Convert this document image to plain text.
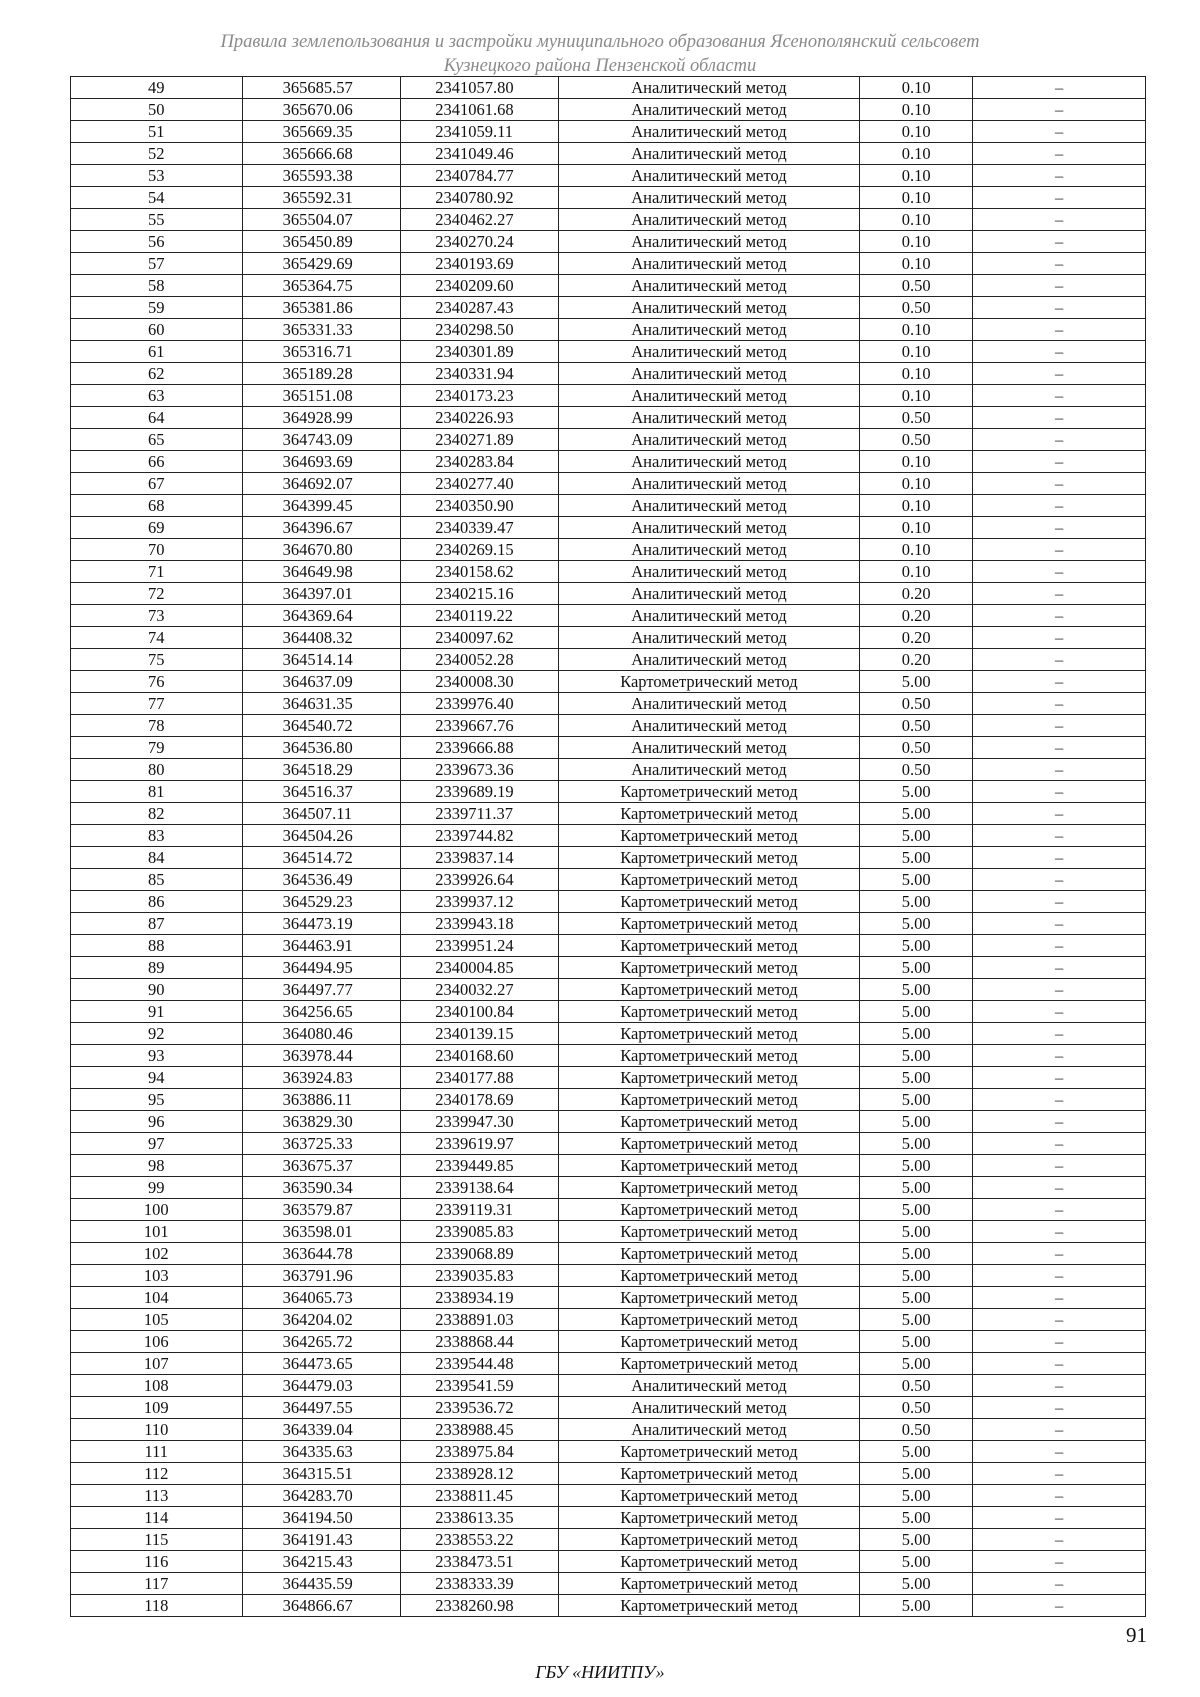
Правила землепользования и застройки муниципального образования Ясенополянский сельсовет
Кузнецкого района Пензенской области
49	365685.57	2341057.80	Аналитический метод	0.10	–
50	365670.06	2341061.68	Аналитический метод	0.10	–
51	365669.35	2341059.11	Аналитический метод	0.10	–
52	365666.68	2341049.46	Аналитический метод	0.10	–
53	365593.38	2340784.77	Аналитический метод	0.10	–
54	365592.31	2340780.92	Аналитический метод	0.10	–
55	365504.07	2340462.27	Аналитический метод	0.10	–
56	365450.89	2340270.24	Аналитический метод	0.10	–
57	365429.69	2340193.69	Аналитический метод	0.10	–
58	365364.75	2340209.60	Аналитический метод	0.50	–
59	365381.86	2340287.43	Аналитический метод	0.50	–
60	365331.33	2340298.50	Аналитический метод	0.10	–
61	365316.71	2340301.89	Аналитический метод	0.10	–
62	365189.28	2340331.94	Аналитический метод	0.10	–
63	365151.08	2340173.23	Аналитический метод	0.10	–
64	364928.99	2340226.93	Аналитический метод	0.50	–
65	364743.09	2340271.89	Аналитический метод	0.50	–
66	364693.69	2340283.84	Аналитический метод	0.10	–
67	364692.07	2340277.40	Аналитический метод	0.10	–
68	364399.45	2340350.90	Аналитический метод	0.10	–
69	364396.67	2340339.47	Аналитический метод	0.10	–
70	364670.80	2340269.15	Аналитический метод	0.10	–
71	364649.98	2340158.62	Аналитический метод	0.10	–
72	364397.01	2340215.16	Аналитический метод	0.20	–
73	364369.64	2340119.22	Аналитический метод	0.20	–
74	364408.32	2340097.62	Аналитический метод	0.20	–
75	364514.14	2340052.28	Аналитический метод	0.20	–
76	364637.09	2340008.30	Картометрический метод	5.00	–
77	364631.35	2339976.40	Аналитический метод	0.50	–
78	364540.72	2339667.76	Аналитический метод	0.50	–
79	364536.80	2339666.88	Аналитический метод	0.50	–
80	364518.29	2339673.36	Аналитический метод	0.50	–
81	364516.37	2339689.19	Картометрический метод	5.00	–
82	364507.11	2339711.37	Картометрический метод	5.00	–
83	364504.26	2339744.82	Картометрический метод	5.00	–
84	364514.72	2339837.14	Картометрический метод	5.00	–
85	364536.49	2339926.64	Картометрический метод	5.00	–
86	364529.23	2339937.12	Картометрический метод	5.00	–
87	364473.19	2339943.18	Картометрический метод	5.00	–
88	364463.91	2339951.24	Картометрический метод	5.00	–
89	364494.95	2340004.85	Картометрический метод	5.00	–
90	364497.77	2340032.27	Картометрический метод	5.00	–
91	364256.65	2340100.84	Картометрический метод	5.00	–
92	364080.46	2340139.15	Картометрический метод	5.00	–
93	363978.44	2340168.60	Картометрический метод	5.00	–
94	363924.83	2340177.88	Картометрический метод	5.00	–
95	363886.11	2340178.69	Картометрический метод	5.00	–
96	363829.30	2339947.30	Картометрический метод	5.00	–
97	363725.33	2339619.97	Картометрический метод	5.00	–
98	363675.37	2339449.85	Картометрический метод	5.00	–
99	363590.34	2339138.64	Картометрический метод	5.00	–
100	363579.87	2339119.31	Картометрический метод	5.00	–
101	363598.01	2339085.83	Картометрический метод	5.00	–
102	363644.78	2339068.89	Картометрический метод	5.00	–
103	363791.96	2339035.83	Картометрический метод	5.00	–
104	364065.73	2338934.19	Картометрический метод	5.00	–
105	364204.02	2338891.03	Картометрический метод	5.00	–
106	364265.72	2338868.44	Картометрический метод	5.00	–
107	364473.65	2339544.48	Картометрический метод	5.00	–
108	364479.03	2339541.59	Аналитический метод	0.50	–
109	364497.55	2339536.72	Аналитический метод	0.50	–
110	364339.04	2338988.45	Аналитический метод	0.50	–
111	364335.63	2338975.84	Картометрический метод	5.00	–
112	364315.51	2338928.12	Картометрический метод	5.00	–
113	364283.70	2338811.45	Картометрический метод	5.00	–
114	364194.50	2338613.35	Картометрический метод	5.00	–
115	364191.43	2338553.22	Картометрический метод	5.00	–
116	364215.43	2338473.51	Картометрический метод	5.00	–
117	364435.59	2338333.39	Картометрический метод	5.00	–
118	364866.67	2338260.98	Картометрический метод	5.00	–
91
ГБУ «НИИТПУ»
